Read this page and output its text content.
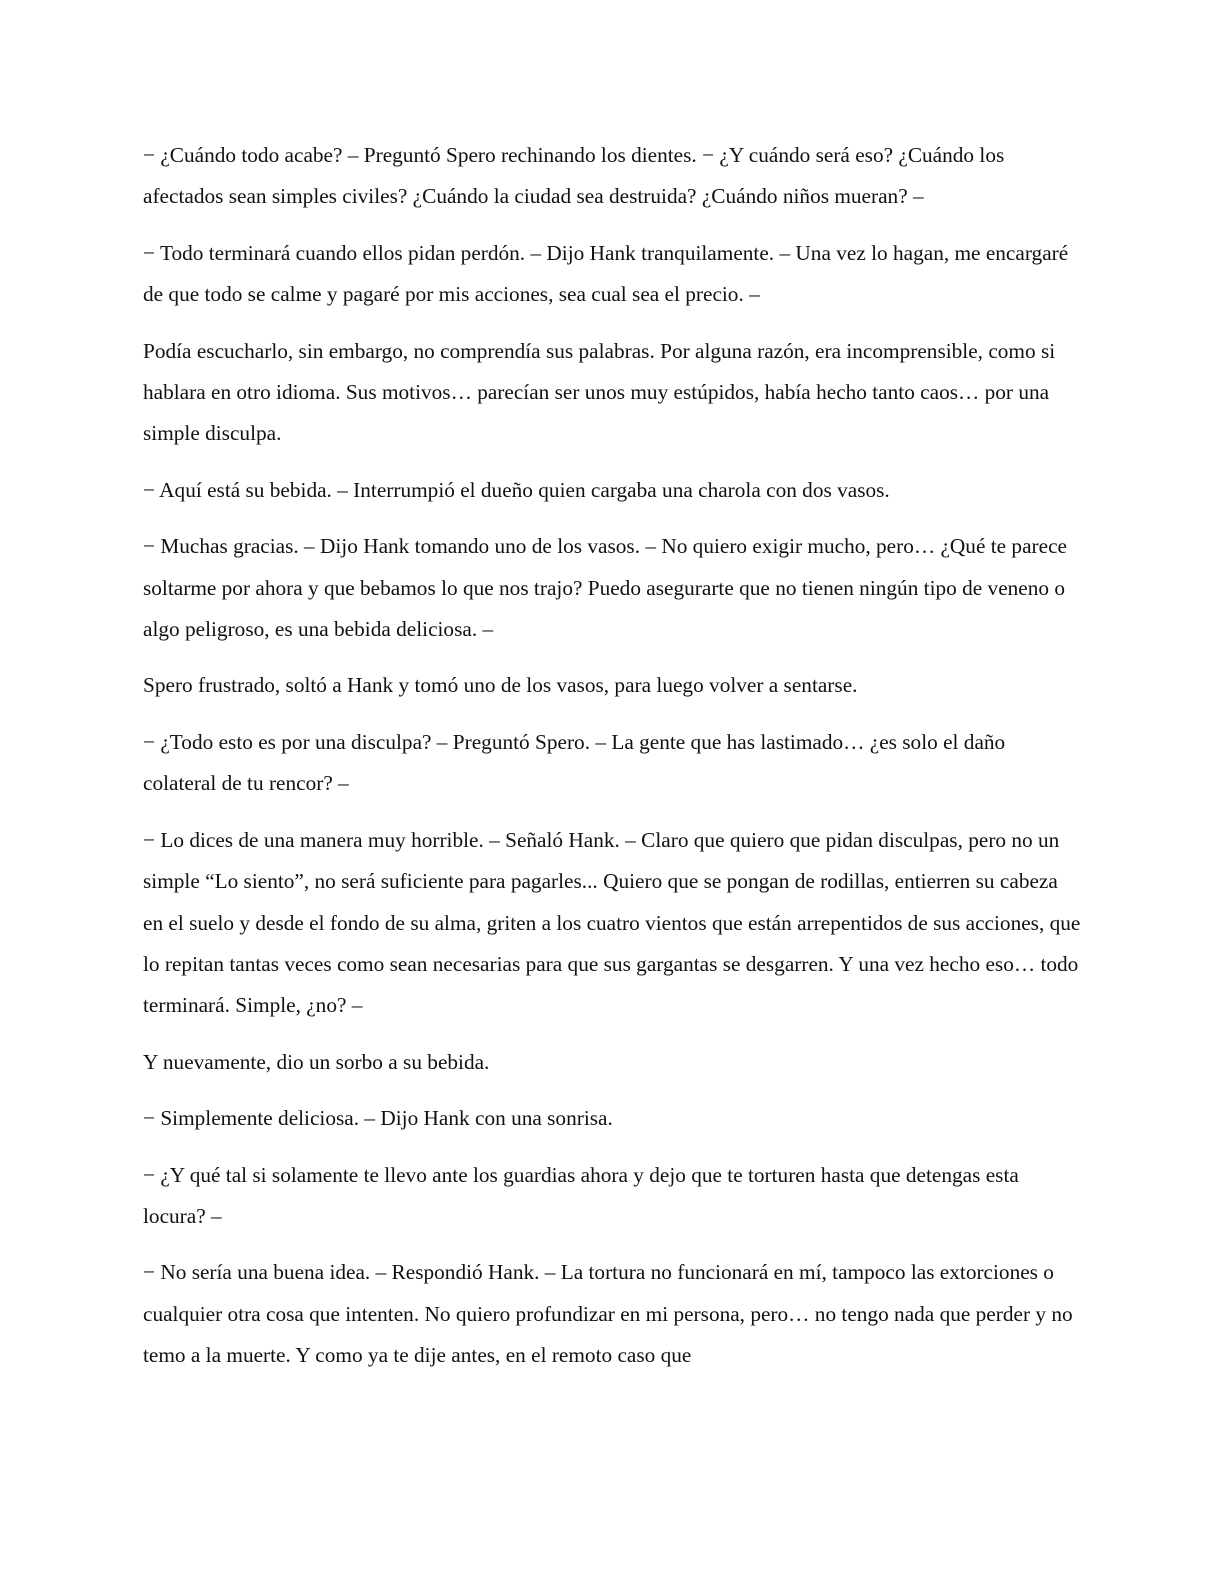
− ¿Cuándo todo acabe? – Preguntó Spero rechinando los dientes. − ¿Y cuándo será eso? ¿Cuándo los afectados sean simples civiles? ¿Cuándo la ciudad sea destruida? ¿Cuándo niños mueran? –

− Todo terminará cuando ellos pidan perdón. – Dijo Hank tranquilamente. – Una vez lo hagan, me encargaré de que todo se calme y pagaré por mis acciones, sea cual sea el precio. –

Podía escucharlo, sin embargo, no comprendía sus palabras. Por alguna razón, era incomprensible, como si hablara en otro idioma. Sus motivos… parecían ser unos muy estúpidos, había hecho tanto caos… por una simple disculpa.

− Aquí está su bebida. – Interrumpió el dueño quien cargaba una charola con dos vasos.

− Muchas gracias. – Dijo Hank tomando uno de los vasos. – No quiero exigir mucho, pero… ¿Qué te parece soltarme por ahora y que bebamos lo que nos trajo? Puedo asegurarte que no tienen ningún tipo de veneno o algo peligroso, es una bebida deliciosa. –

Spero frustrado, soltó a Hank y tomó uno de los vasos, para luego volver a sentarse.

− ¿Todo esto es por una disculpa? – Preguntó Spero. – La gente que has lastimado… ¿es solo el daño colateral de tu rencor? –

− Lo dices de una manera muy horrible. – Señaló Hank. – Claro que quiero que pidan disculpas, pero no un simple “Lo siento”, no será suficiente para pagarles... Quiero que se pongan de rodillas, entierren su cabeza en el suelo y desde el fondo de su alma, griten a los cuatro vientos que están arrepentidos de sus acciones, que lo repitan tantas veces como sean necesarias para que sus gargantas se desgarren. Y una vez hecho eso… todo terminará. Simple, ¿no? –

Y nuevamente, dio un sorbo a su bebida.

− Simplemente deliciosa. – Dijo Hank con una sonrisa.

− ¿Y qué tal si solamente te llevo ante los guardias ahora y dejo que te torturen hasta que detengas esta locura? –

− No sería una buena idea. – Respondió Hank. – La tortura no funcionará en mí, tampoco las extorciones o cualquier otra cosa que intenten. No quiero profundizar en mi persona, pero… no tengo nada que perder y no temo a la muerte. Y como ya te dije antes, en el remoto caso que
